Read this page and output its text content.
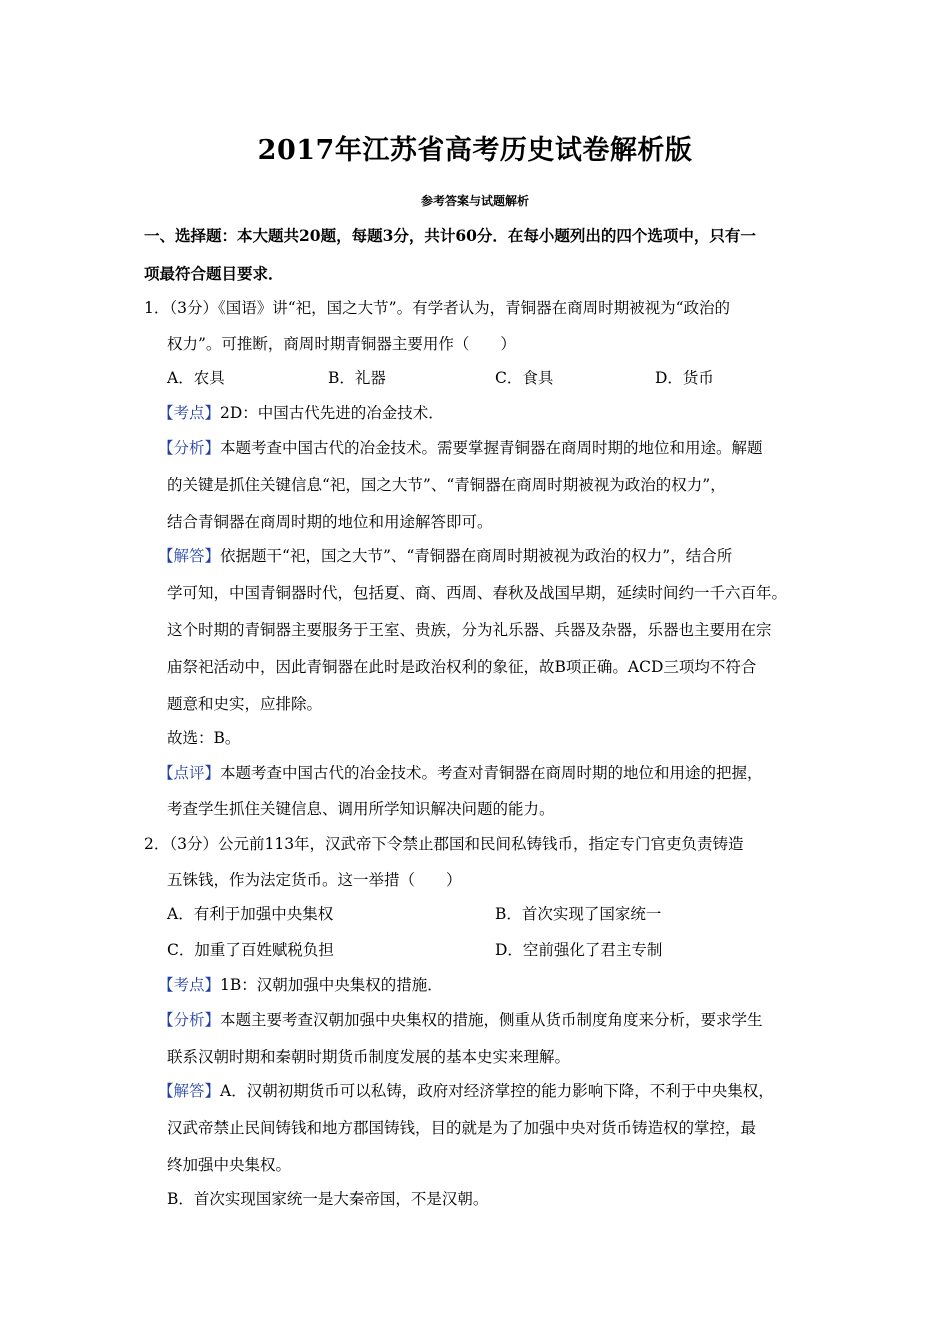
2017年江苏省高考历史试卷解析版
参考答案与试题解析
一、选择题：本大题共20题，每题3分，共计60分．在每小题列出的四个选项中，只有一
项最符合题目要求．
1．（3分）《国语》讲“祀，国之大节”。有学者认为，青铜器在商周时期被视为“政治的
权力”。可推断，商周时期青铜器主要用作（　　）
A．农具	B．礼器	C．食具	D．货币
【考点】2D：中国古代先进的冶金技术．
【分析】本题考查中国古代的冶金技术。需要掌握青铜器在商周时期的地位和用途。解题
的关键是抓住关键信息“祀，国之大节”、“青铜器在商周时期被视为政治的权力”，
结合青铜器在商周时期的地位和用途解答即可。
【解答】依据题干“祀，国之大节”、“青铜器在商周时期被视为政治的权力”，结合所
学可知，中国青铜器时代，包括夏、商、西周、春秋及战国早期，延续时间约一千六百年。
这个时期的青铜器主要服务于王室、贵族，分为礼乐器、兵器及杂器，乐器也主要用在宗
庙祭祀活动中，因此青铜器在此时是政治权利的象征，故B项正确。ACD三项均不符合
题意和史实，应排除。
故选：B。
【点评】本题考查中国古代的冶金技术。考查对青铜器在商周时期的地位和用途的把握，
考查学生抓住关键信息、调用所学知识解决问题的能力。
2．（3分）公元前113年，汉武帝下令禁止郡国和民间私铸钱币，指定专门官吏负责铸造
五铢钱，作为法定货币。这一举措（　　）
A．有利于加强中央集权	B．首次实现了国家统一
C．加重了百姓赋税负担	D．空前强化了君主专制
【考点】1B：汉朝加强中央集权的措施．
【分析】本题主要考查汉朝加强中央集权的措施，侧重从货币制度角度来分析，要求学生
联系汉朝时期和秦朝时期货币制度发展的基本史实来理解。
【解答】A．汉朝初期货币可以私铸，政府对经济掌控的能力影响下降，不利于中央集权，
汉武帝禁止民间铸钱和地方郡国铸钱，目的就是为了加强中央对货币铸造权的掌控，最
终加强中央集权。
B．首次实现国家统一是大秦帝国，不是汉朝。
